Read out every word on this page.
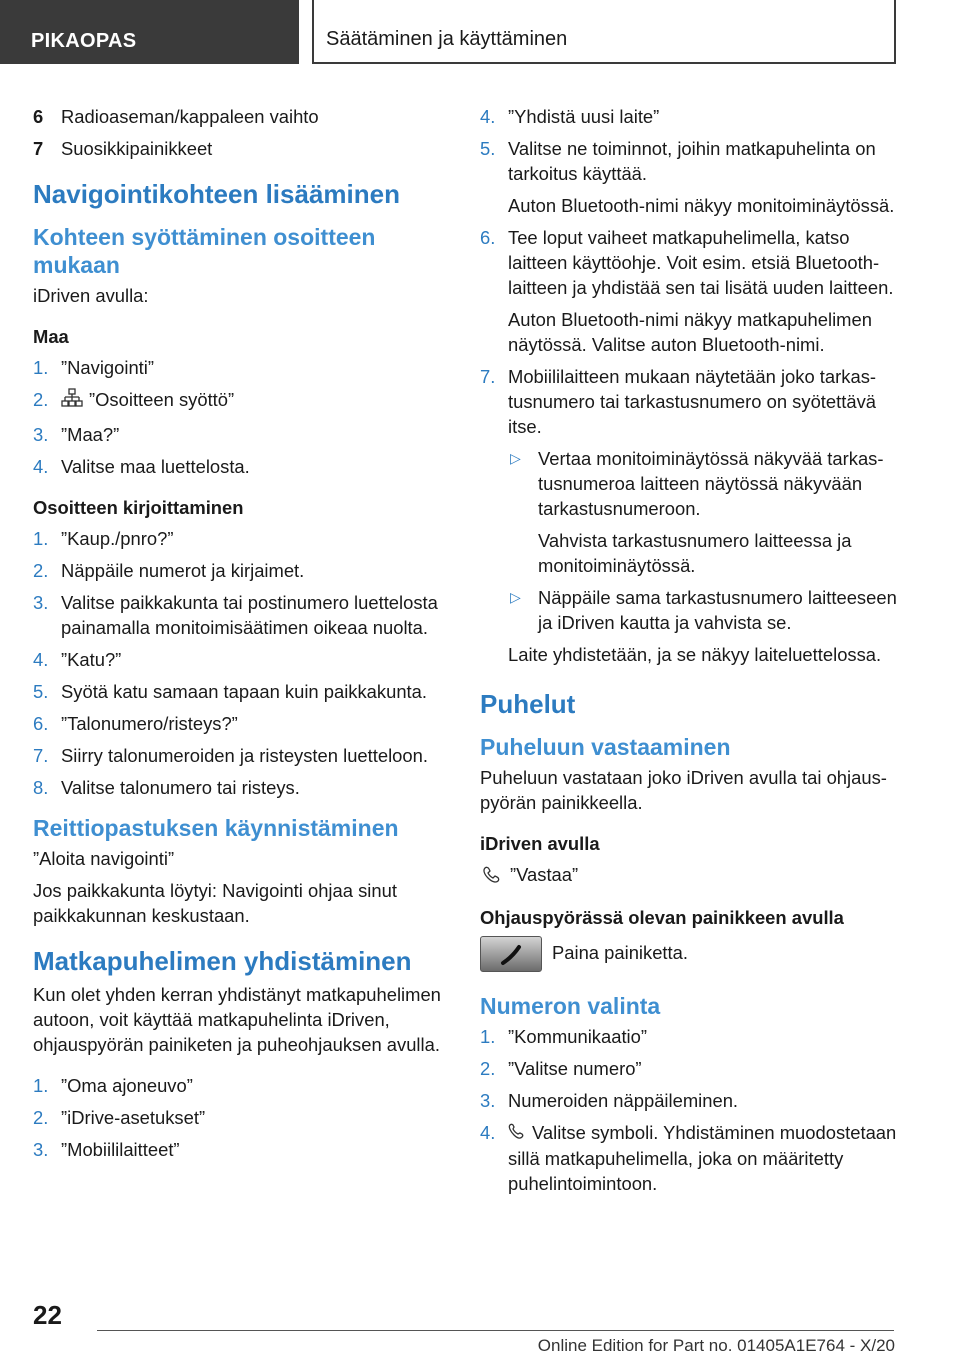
PIKAOPAS	Säätäminen ja käyttäminen
6 Radioaseman/kappaleen vaihto
7 Suosikkipainikkeet
Navigointikohteen lisääminen
Kohteen syöttäminen osoitteen mukaan
iDriven avulla:
Maa
1. ”Navigointi”
2. ”Osoitteen syöttö”
3. ”Maa?”
4. Valitse maa luettelosta.
Osoitteen kirjoittaminen
1. ”Kaup./pnro?”
2. Näppäile numerot ja kirjaimet.
3. Valitse paikkakunta tai postinumero luettelosta painamalla monitoimisäätimen oikeaa nuolta.
4. ”Katu?”
5. Syötä katu samaan tapaan kuin paikkakunta.
6. ”Talonumero/risteys?”
7. Siirry talonumeroiden ja risteysten luetteloon.
8. Valitse talonumero tai risteys.
Reittiopastuksen käynnistäminen
”Aloita navigointi”
Jos paikkakunta löytyi: Navigointi ohjaa sinut paikkakunnan keskustaan.
Matkapuhelimen yhdistäminen
Kun olet yhden kerran yhdistänyt matkapuhelimen autoon, voit käyttää matkapuhelinta iDriven, ohjauspyörän painiketen ja puheohjauksen avulla.
1. ”Oma ajoneuvo”
2. ”iDrive-asetukset”
3. ”Mobiililaitteet”
4. ”Yhdistä uusi laite”
5. Valitse ne toiminnot, joihin matkapuhelinta on tarkoitus käyttää.
Auton Bluetooth-nimi näkyy monitoiminäytössä.
6. Tee loput vaiheet matkapuhelimella, katso laitteen käyttöohje. Voit esim. etsiä Bluetooth-laitteen ja yhdistää sen tai lisätä uuden laitteen.
Auton Bluetooth-nimi näkyy matkapuhelimen näytössä. Valitse auton Bluetooth-nimi.
7. Mobiililaitteen mukaan näytetään joko tarkastusnumero tai tarkastusnumero on syötettävä itse.
▷ Vertaa monitoiminäytössä näkyvää tarkastusnumeroa laitteen näytössä näkyvään tarkastusnumeroon.
Vahvista tarkastusnumero laitteessa ja monitoiminäytössä.
▷ Näppäile sama tarkastusnumero laitteeseen ja iDriven kautta ja vahvista se.
Laite yhdistetään, ja se näkyy laiteluettelossa.
Puhelut
Puheluun vastaaminen
Puheluun vastataan joko iDriven avulla tai ohjauspyörän painikkeella.
iDriven avulla
”Vastaa”
Ohjauspyörässä olevan painikkeen avulla
Paina painiketta.
Numeron valinta
1. ”Kommunikaatio”
2. ”Valitse numero”
3. Numeroiden näppäileminen.
4. Valitse symboli. Yhdistäminen muodostetaan sillä matkapuhelimella, joka on määritetty puhelintoimintoon.
22
Online Edition for Part no. 01405A1E764 - X/20
